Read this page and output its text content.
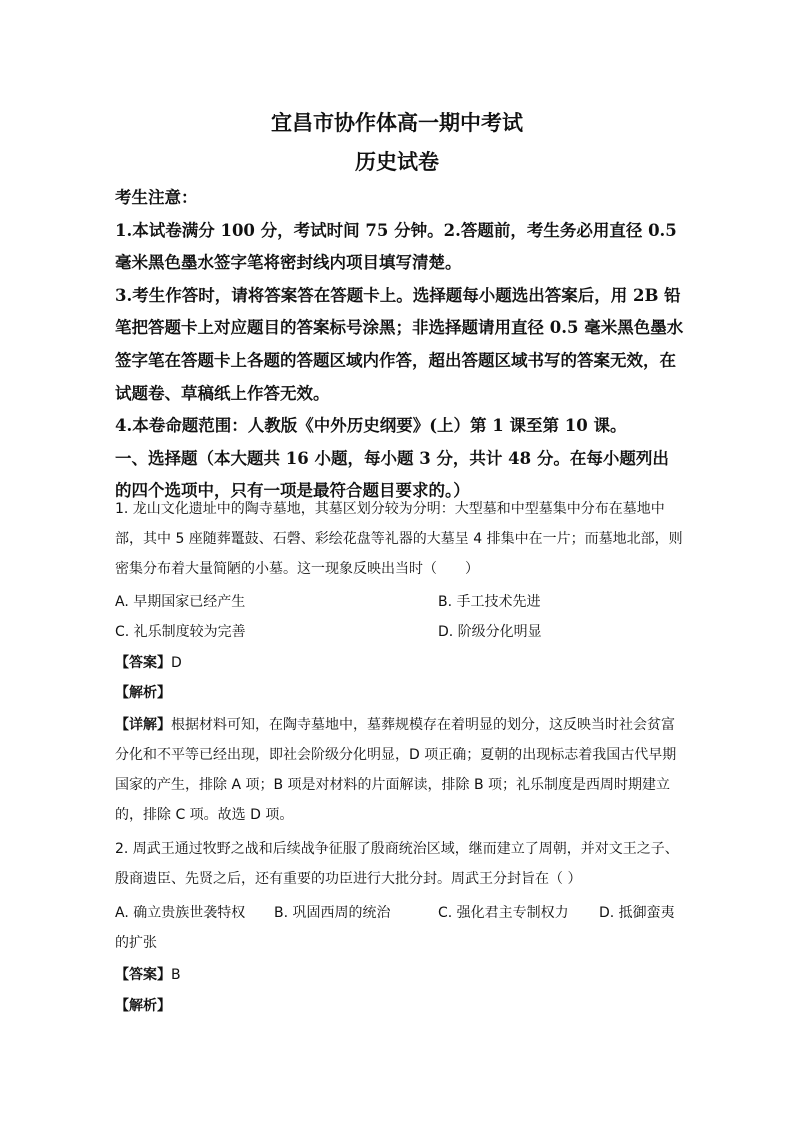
宜昌市协作体高一期中考试
历史试卷

考生注意：

1.本试卷满分 100 分，考试时间 75 分钟。2.答题前，考生务必用直径 0.5 毫米黑色墨水签字笔将密封线内项目填写清楚。

3.考生作答时，请将答案答在答题卡上。选择题每小题选出答案后，用 2B 铅笔把答题卡上对应题目的答案标号涂黑；非选择题请用直径 0.5 毫米黑色墨水签字笔在答题卡上各题的答题区域内作答，超出答题区域书写的答案无效，在试题卷、草稿纸上作答无效。

4.本卷命题范围：人教版《中外历史纲要》(上）第 1 课至第 10 课。

一、选择题（本大题共 16 小题，每小题 3 分，共计 48 分。在每小题列出的四个选项中，只有一项是最符合题目要求的。）

1. 龙山文化遗址中的陶寺墓地，其墓区划分较为分明：大型墓和中型墓集中分布在墓地中部，其中 5 座随葬鼍鼓、石磬、彩绘花盘等礼器的大墓呈 4 排集中在一片；而墓地北部，则密集分布着大量简陋的小墓。这一现象反映出当时（　　）

A. 早期国家已经产生	B. 手工技术先进
C. 礼乐制度较为完善	D. 阶级分化明显
【答案】D
【解析】

【详解】根据材料可知，在陶寺墓地中，墓葬规模存在着明显的划分，这反映当时社会贫富分化和不平等已经出现，即社会阶级分化明显，D 项正确；夏朝的出现标志着我国古代早期国家的产生，排除 A 项；B 项是对材料的片面解读，排除 B 项；礼乐制度是西周时期建立的，排除 C 项。故选 D 项。

2. 周武王通过牧野之战和后续战争征服了殷商统治区域，继而建立了周朝，并对文王之子、殷商遗臣、先贤之后，还有重要的功臣进行大批分封。周武王分封旨在（ ）

A. 确立贵族世袭特权 B. 巩固西周的统治	C. 强化君主专制权力 D. 抵御蛮夷
的扩张
【答案】B
【解析】
